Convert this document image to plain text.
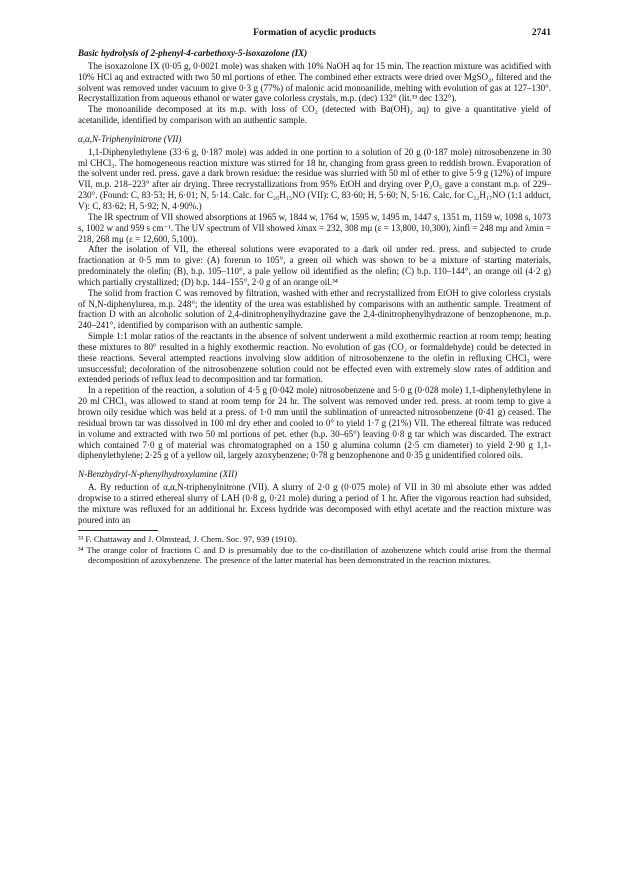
Formation of acyclic products	2741

Basic hydrolysis of 2-phenyl-4-carbethoxy-5-isoxazolone (IX)

The isoxazolone IX (0·05 g, 0·0021 mole) was shaken with 10% NaOH aq for 15 min. The reaction mixture was acidified with 10% HCl aq and extracted with two 50 ml portions of ether. The combined ether extracts were dried over MgSO₄, filtered and the solvent was removed under vacuum to give 0·3 g (77%) of malonic acid monoanilide, melting with evolution of gas at 127–130°. Recrystallization from aqueous ethanol or water gave colorless crystals, m.p. (dec) 132° (lit.³³ dec 132°).

The monoanilide decomposed at its m.p. with loss of CO₂ (detected with Ba(OH)₂ aq) to give a quantitative yield of acetanilide, identified by comparison with an authentic sample.

α,α,N-Triphenylnitrone (VII)

1,1-Diphenylethylene (33·6 g, 0·187 mole) was added in one portion to a solution of 20 g (0·187 mole) nitrosobenzene in 30 ml CHCl₃. The homogeneous reaction mixture was stirred for 18 hr, changing from grass green to reddish brown. Evaporation of the solvent under red. press. gave a dark brown residue: the residue was slurried with 50 ml of ether to give 5·9 g (12%) of impure VII, m.p. 218–223° after air drying. Three recrystallizations from 95% EtOH and drying over P₂O₅ gave a constant m.p. of 229–230°. (Found: C, 83·53; H, 6·01; N, 5·14. Calc. for C₂₀H₁₅NO (VII): C, 83·60; H, 5·60; N, 5·16. Calc. for C₃₂H₁₇NO (1:1 adduct, V): C, 83·62; H, 5·92; N, 4·90%.)

The IR spectrum of VII showed absorptions at 1965 w, 1844 w, 1764 w, 1595 w, 1495 m, 1447 s, 1351 m, 1159 w, 1098 s, 1073 s, 1002 w and 959 s cm⁻¹. The UV spectrum of VII showed λmax = 232, 308 mμ (ε = 13,800, 10,300), λinfl = 248 mμ and λmin = 218, 268 mμ (ε = 12,600, 5,100).

After the isolation of VII, the ethereal solutions were evaporated to a dark oil under red. press. and subjected to crude fractionation at 0·5 mm to give: (A) forerun to 105°, a green oil which was shown to be a mixture of starting materials, predominately the olefin; (B), b.p. 105–110°, a pale yellow oil identified as the olefin; (C) b.p. 110–144°, an orange oil (4·2 g) which partially crystallized; (D) b.p. 144–155°, 2·0 g of an orange oil.³⁴

The solid from fraction C was removed by filtration, washed with ether and recrystallized from EtOH to give colorless crystals of N,N-diphenylurea, m.p. 248°; the identity of the urea was established by comparisons with an authentic sample. Treatment of fraction D with an alcoholic solution of 2,4-dinitrophenylhydrazine gave the 2,4-dinitrophenylhydrazone of benzophenone, m.p. 240–241°, identified by comparison with an authentic sample.

Simple 1:1 molar ratios of the reactants in the absence of solvent underwent a mild exothermic reaction at room temp; heating these mixtures to 80° resulted in a highly exothermic reaction. No evolution of gas (CO₂ or formaldehyde) could be detected in these reactions. Several attempted reactions involving slow addition of nitrosobenzene to the olefin in refluxing CHCl₃ were unsuccessful; decoloration of the nitrosobenzene solution could not be effected even with extremely slow rates of addition and extended periods of reflux lead to decomposition and tar formation.

In a repetition of the reaction, a solution of 4·5 g (0·042 mole) nitrosobenzene and 5·0 g (0·028 mole) 1,1-diphenylethylene in 20 ml CHCl₃ was allowed to stand at room temp for 24 hr. The solvent was removed under red. press. at room temp to give a brown oily residue which was held at a press. of 1·0 mm until the sublimation of unreacted nitrosobenzene (0·41 g) ceased. The residual brown tar was dissolved in 100 ml dry ether and cooled to 0° to yield 1·7 g (21%) VII. The ethereal filtrate was reduced in volume and extracted with two 50 ml portions of pet. ether (b.p. 30–65°) leaving 0·8 g tar which was discarded. The extract which contained 7·0 g of material was chromatographed on a 150 g alumina column (2·5 cm diameter) to yield 2·90 g 1,1-diphenylethylene; 2·25 g of a yellow oil, largely azoxybenzene; 0·78 g benzophenone and 0·35 g unidentified colored oils.

N-Benzhydryl-N-phenylhydroxylamine (XII)

A. By reduction of α,α,N-triphenylnitrone (VII). A slurry of 2·0 g (0·075 mole) of VII in 30 ml absolute ether was added dropwise to a stirred ethereal slurry of LAH (0·8 g, 0·21 mole) during a period of 1 hr. After the vigorous reaction had subsided, the mixture was refluxed for an additional hr. Excess hydride was decomposed with ethyl acetate and the reaction mixture was poured into an

³³ F. Chattaway and J. Olmstead, J. Chem. Soc. 97, 939 (1910).

³⁴ The orange color of fractions C and D is presumably due to the co-distillation of azobenzene which could arise from the thermal decomposition of azoxybenzene. The presence of the latter material has been demonstrated in the reaction mixtures.
